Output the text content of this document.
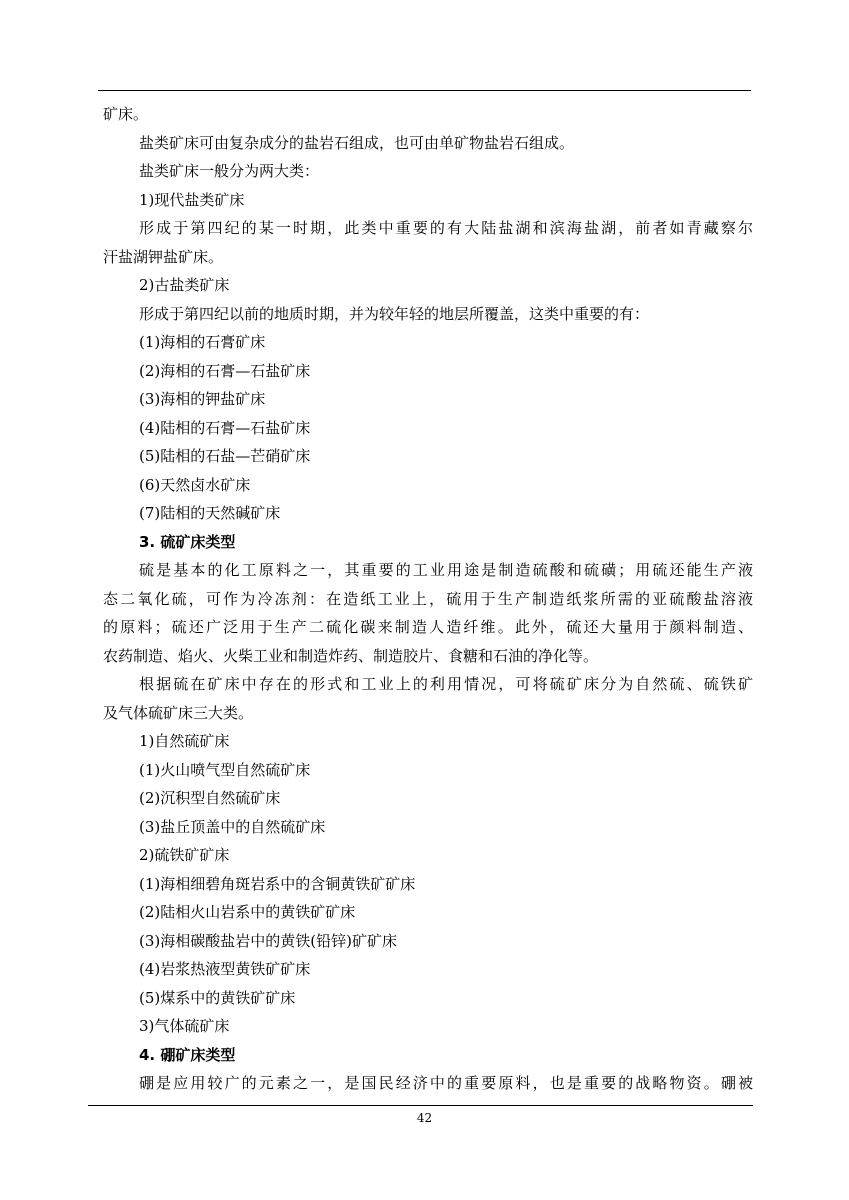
矿床。
盐类矿床可由复杂成分的盐岩石组成，也可由单矿物盐岩石组成。
盐类矿床一般分为两大类：
1)现代盐类矿床
形成于第四纪的某一时期，此类中重要的有大陆盐湖和滨海盐湖，前者如青藏察尔
汗盐湖钾盐矿床。
2)古盐类矿床
形成于第四纪以前的地质时期，并为较年轻的地层所覆盖，这类中重要的有：
(1)海相的石膏矿床
(2)海相的石膏—石盐矿床
(3)海相的钾盐矿床
(4)陆相的石膏—石盐矿床
(5)陆相的石盐—芒硝矿床
(6)天然卤水矿床
(7)陆相的天然碱矿床
3. 硫矿床类型
硫是基本的化工原料之一，其重要的工业用途是制造硫酸和硫磺；用硫还能生产液
态二氧化硫，可作为冷冻剂：在造纸工业上，硫用于生产制造纸浆所需的亚硫酸盐溶液
的原料；硫还广泛用于生产二硫化碳来制造人造纤维。此外，硫还大量用于颜料制造、
农药制造、焰火、火柴工业和制造炸药、制造胶片、食糖和石油的净化等。
根据硫在矿床中存在的形式和工业上的利用情况，可将硫矿床分为自然硫、硫铁矿
及气体硫矿床三大类。
1)自然硫矿床
(1)火山喷气型自然硫矿床
(2)沉积型自然硫矿床
(3)盐丘顶盖中的自然硫矿床
2)硫铁矿矿床
(1)海相细碧角斑岩系中的含铜黄铁矿矿床
(2)陆相火山岩系中的黄铁矿矿床
(3)海相碳酸盐岩中的黄铁(铅锌)矿矿床
(4)岩浆热液型黄铁矿矿床
(5)煤系中的黄铁矿矿床
3)气体硫矿床
4. 硼矿床类型
硼是应用较广的元素之一，是国民经济中的重要原料，也是重要的战略物资。硼被
42
